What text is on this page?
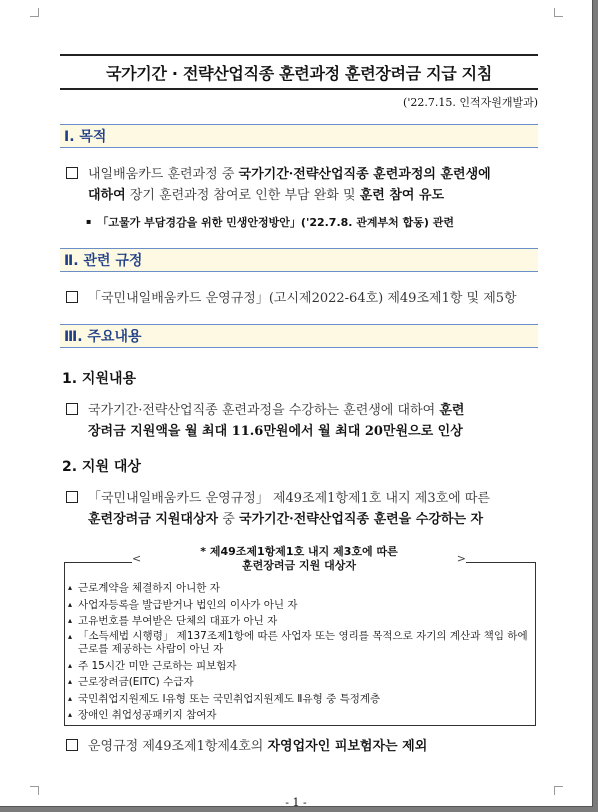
국가기간 · 전략산업직종 훈련과정 훈련장려금 지급 지침
('22.7.15. 인적자원개발과)
Ⅰ. 목적
내일배움카드 훈련과정 중 국가기간·전략산업직종 훈련과정의 훈련생에
대하여 장기 훈련과정 참여로 인한 부담 완화 및 훈련 참여 유도
▪ 「고물가 부담경감을 위한 민생안정방안」('22.7.8. 관계부처 합동) 관련
Ⅱ. 관련 규정
「국민내일배움카드 운영규정」(고시제2022-64호) 제49조제1항 및 제5항
Ⅲ. 주요내용
1. 지원내용
국가기간·전략산업직종 훈련과정을 수강하는 훈련생에 대하여 훈련
장려금 지원액을 월 최대 11.6만원에서 월 최대 20만원으로 인상
2. 지원 대상
「국민내일배움카드 운영규정」 제49조제1항제1호 내지 제3호에 따른
훈련장려금 지원대상자 중 국가기간·전략산업직종 훈련을 수강하는 자
<
* 제49조제1항제1호 내지 제3호에 따른
훈련장려금 지원 대상자
>
▴ 근로계약을 체결하지 아니한 자
▴ 사업자등록을 발급받거나 법인의 이사가 아닌 자
▴ 고유번호를 부여받은 단체의 대표가 아닌 자
▴ 「소득세법 시행령」 제137조제1항에 따른 사업자 또는 영리를 목적으로 자기의 계산과 책임 하에 근로를 제공하는 사람이 아닌 자
▴ 주 15시간 미만 근로하는 피보험자
▴ 근로장려금(EITC) 수급자
▴ 국민취업지원제도 Ⅰ유형 또는 국민취업지원제도 Ⅱ유형 중 특정계층
▴ 장애인 취업성공패키지 참여자
운영규정 제49조제1항제4호의 자영업자인 피보험자는 제외
- 1 -
